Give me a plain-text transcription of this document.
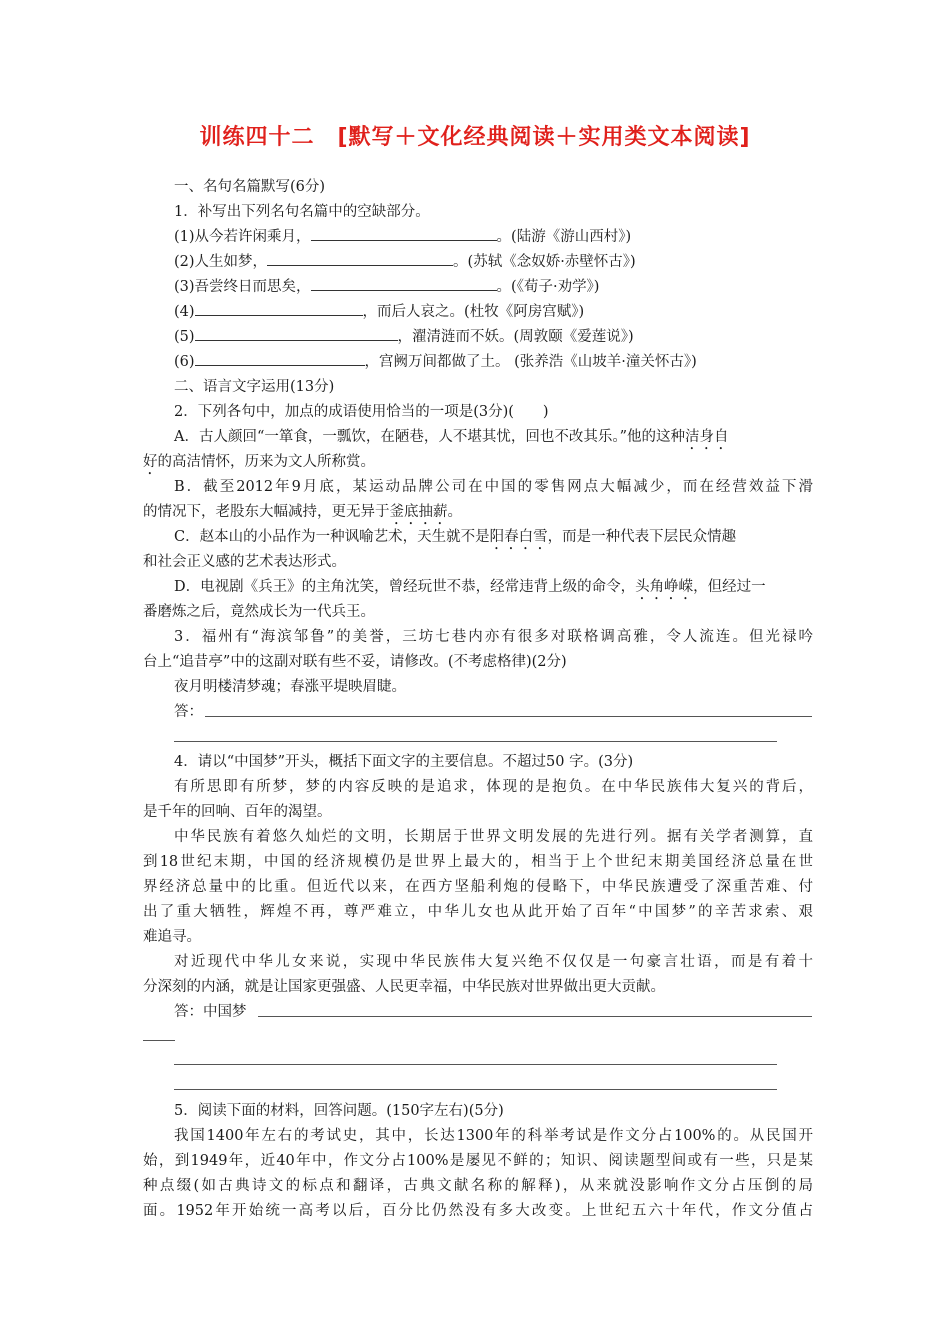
训练四十二　[默写＋文化经典阅读＋实用类文本阅读]
一、名句名篇默写(6分)
1．补写出下列名句名篇中的空缺部分。
(1)从今若许闲乘月，	。(陆游《游山西村》)
(2)人生如梦，	。(苏轼《念奴娇·赤壁怀古》)
(3)吾尝终日而思矣，	。(《荀子·劝学》)
(4)	，而后人哀之。(杜牧《阿房宫赋》)
(5)	，濯清涟而不妖。(周敦颐《爱莲说》)
(6)	，宫阙万间都做了土。 (张养浩《山坡羊·潼关怀古》)
二、语言文字运用(13分)
2．下列各句中，加点的成语使用恰当的一项是(3分)(　　)
A．古人颜回“一箪食，一瓢饮，在陋巷，人不堪其忧，回也不改其乐。”他的这种洁身自
好的高洁情怀，历来为文人所称赏。
B．截至2012年9月底，某运动品牌公司在中国的零售网点大幅减少，而在经营效益下滑
的情况下，老股东大幅减持，更无异于釜底抽薪。
C．赵本山的小品作为一种讽喻艺术，天生就不是阳春白雪，而是一种代表下层民众情趣
和社会正义感的艺术表达形式。
D．电视剧《兵王》的主角沈笑，曾经玩世不恭，经常违背上级的命令，头角峥嵘，但经过一
番磨炼之后，竟然成长为一代兵王。
3．福州有“海滨邹鲁”的美誉，三坊七巷内亦有很多对联格调高雅，令人流连。但光禄吟
台上“追昔亭”中的这副对联有些不妥，请修改。(不考虑格律)(2分)
夜月明楼清梦魂；春涨平堤映眉睫。
答：
4．请以“中国梦”开头，概括下面文字的主要信息。不超过50 字。(3分)
有所思即有所梦，梦的内容反映的是追求，体现的是抱负。在中华民族伟大复兴的背后，
是千年的回响、百年的渴望。
中华民族有着悠久灿烂的文明，长期居于世界文明发展的先进行列。据有关学者测算，直
到18世纪末期，中国的经济规模仍是世界上最大的，相当于上个世纪末期美国经济总量在世
界经济总量中的比重。但近代以来，在西方坚船利炮的侵略下，中华民族遭受了深重苦难、付
出了重大牺牲，辉煌不再，尊严难立，中华儿女也从此开始了百年“中国梦”的辛苦求索、艰
难追寻。
对近现代中华儿女来说，实现中华民族伟大复兴绝不仅仅是一句豪言壮语，而是有着十
分深刻的内涵，就是让国家更强盛、人民更幸福，中华民族对世界做出更大贡献。
答：中国梦
5．阅读下面的材料，回答问题。(150字左右)(5分)
我国1400年左右的考试史，其中，长达1300年的科举考试是作文分占100%的。从民国开
始，到1949年，近40年中，作文分占100%是屡见不鲜的；知识、阅读题型间或有一些，只是某
种点缀(如古典诗文的标点和翻译，古典文献名称的解释)，从来就没影响作文分占压倒的局
面。1952年开始统一高考以后，百分比仍然没有多大改变。上世纪五六十年代，作文分值占
